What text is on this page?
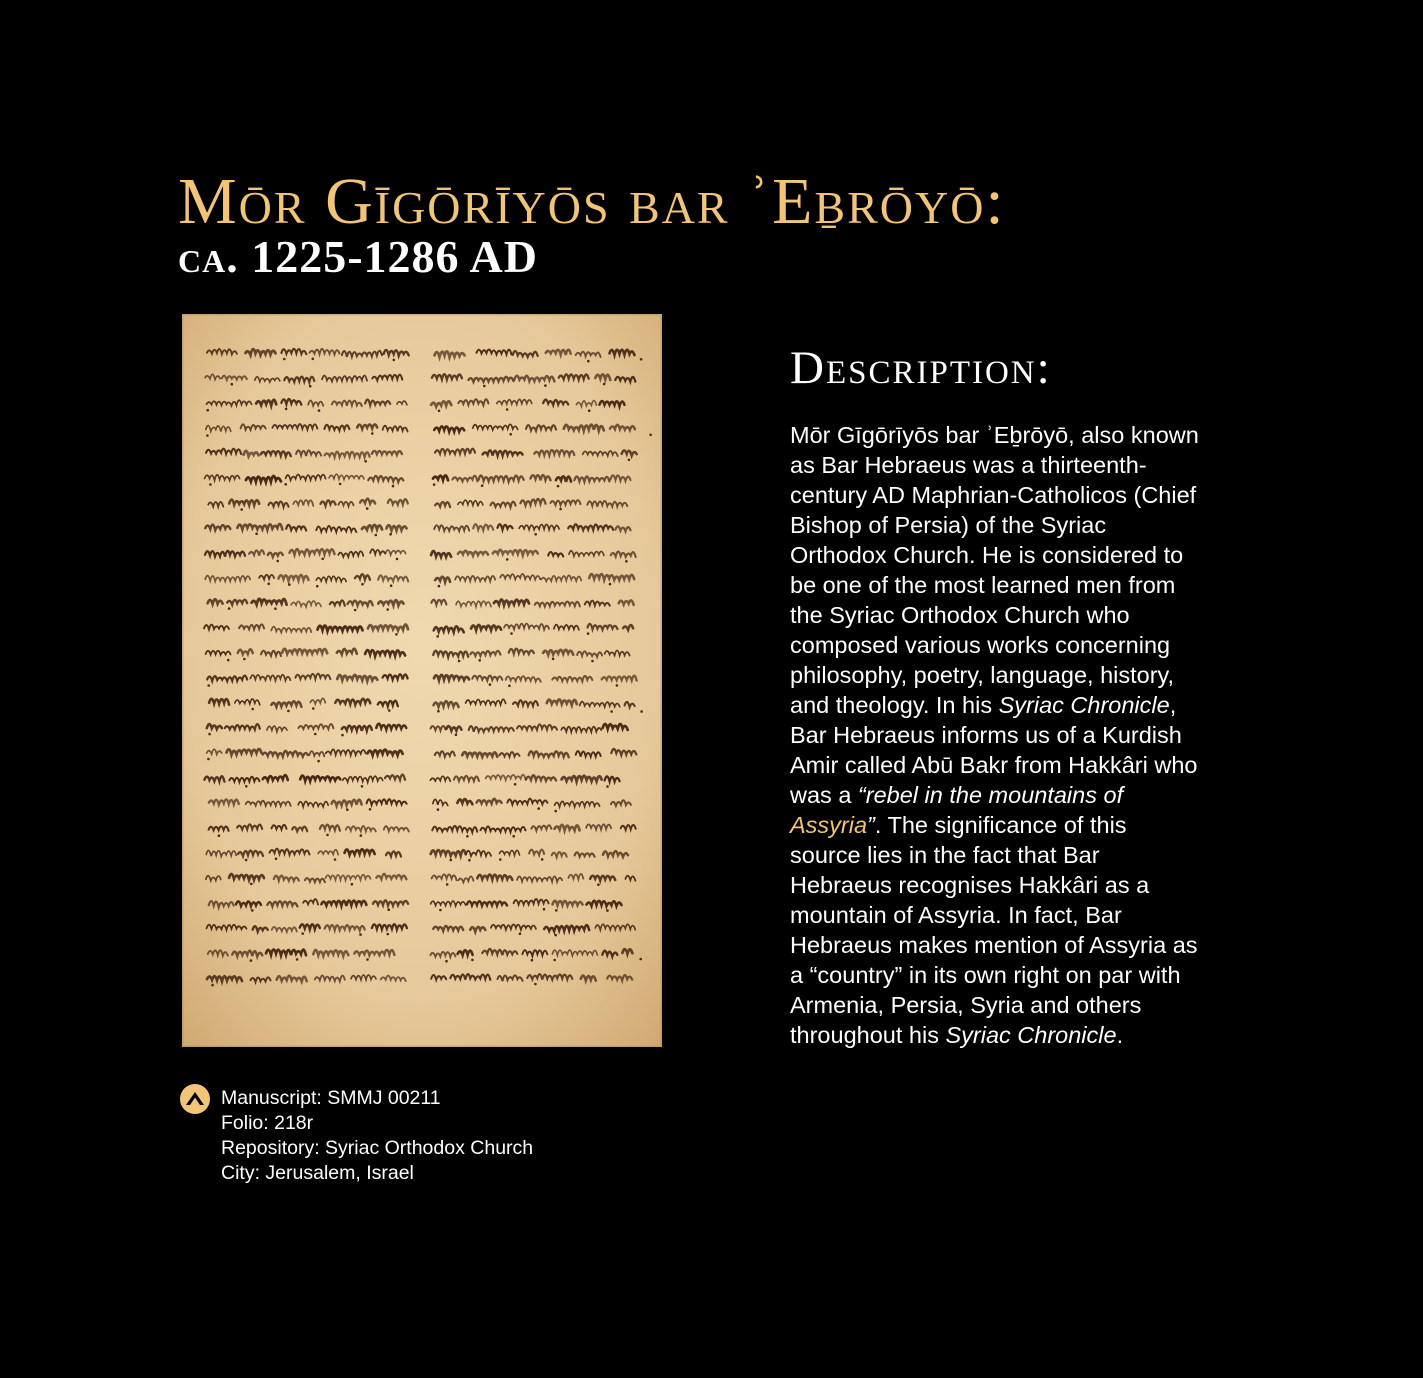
Mōr Gīgōrīyōs bar ʾEḇrōyō:
ca. 1225-1286 AD
Manuscript: SMMJ 00211
Folio: 218r
Repository: Syriac Orthodox Church
City: Jerusalem, Israel
Description:

Mōr Gīgōrīyōs bar ʾEḇrōyō, also known
as Bar Hebraeus was a thirteenth-
century AD Maphrian-Catholicos (Chief
Bishop of Persia) of the Syriac
Orthodox Church. He is considered to
be one of the most learned men from
the Syriac Orthodox Church who
composed various works concerning
philosophy, poetry, language, history,
and theology. In his Syriac Chronicle,
Bar Hebraeus informs us of a Kurdish
Amir called Abū Bakr from Hakkâri who
was a “rebel in the mountains of
Assyria”. The significance of this
source lies in the fact that Bar
Hebraeus recognises Hakkâri as a
mountain of Assyria. In fact, Bar
Hebraeus makes mention of Assyria as
a “country” in its own right on par with
Armenia, Persia, Syria and others
throughout his Syriac Chronicle.
